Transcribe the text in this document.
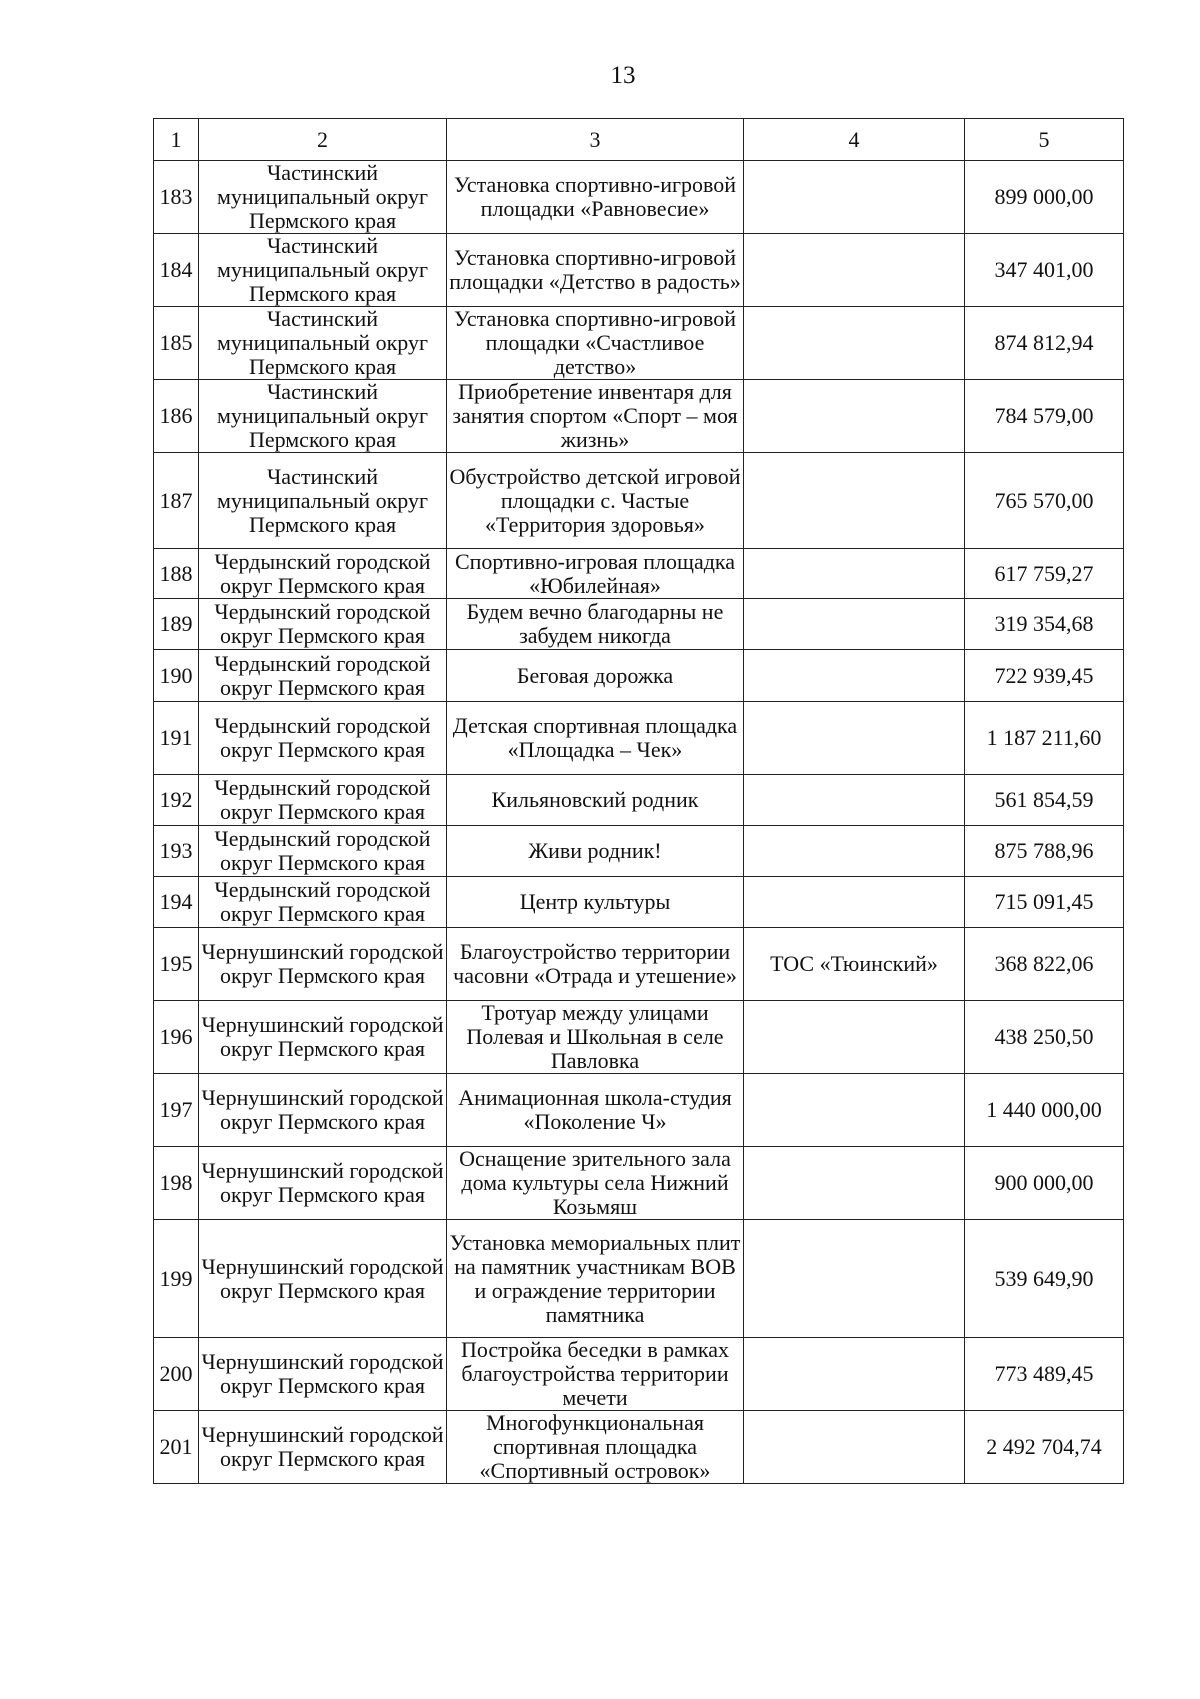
13
1	2	3	4	5
183	Частинский муниципальный округ Пермского края	Установка спортивно-игровой площадки «Равновесие»		899 000,00
184	Частинский муниципальный округ Пермского края	Установка спортивно-игровой площадки «Детство в радость»		347 401,00
185	Частинский муниципальный округ Пермского края	Установка спортивно-игровой площадки «Счастливое детство»		874 812,94
186	Частинский муниципальный округ Пермского края	Приобретение инвентаря для занятия спортом «Спорт – моя жизнь»		784 579,00
187	Частинский муниципальный округ Пермского края	Обустройство детской игровой площадки с. Частые «Территория здоровья»		765 570,00
188	Чердынский городской округ Пермского края	Спортивно-игровая площадка «Юбилейная»		617 759,27
189	Чердынский городской округ Пермского края	Будем вечно благодарны не забудем никогда		319 354,68
190	Чердынский городской округ Пермского края	Беговая дорожка		722 939,45
191	Чердынский городской округ Пермского края	Детская спортивная площадка «Площадка – Чек»		1 187 211,60
192	Чердынский городской округ Пермского края	Кильяновский родник		561 854,59
193	Чердынский городской округ Пермского края	Живи родник!		875 788,96
194	Чердынский городской округ Пермского края	Центр культуры		715 091,45
195	Чернушинский городской округ Пермского края	Благоустройство территории часовни «Отрада и утешение»	ТОС «Тюинский»	368 822,06
196	Чернушинский городской округ Пермского края	Тротуар между улицами Полевая и Школьная в селе Павловка		438 250,50
197	Чернушинский городской округ Пермского края	Анимационная школа-студия «Поколение Ч»		1 440 000,00
198	Чернушинский городской округ Пермского края	Оснащение зрительного зала дома культуры села Нижний Козьмяш		900 000,00
199	Чернушинский городской округ Пермского края	Установка мемориальных плит на памятник участникам ВОВ и ограждение территории памятника		539 649,90
200	Чернушинский городской округ Пермского края	Постройка беседки в рамках благоустройства территории мечети		773 489,45
201	Чернушинский городской округ Пермского края	Многофункциональная спортивная площадка «Спортивный островок»		2 492 704,74
